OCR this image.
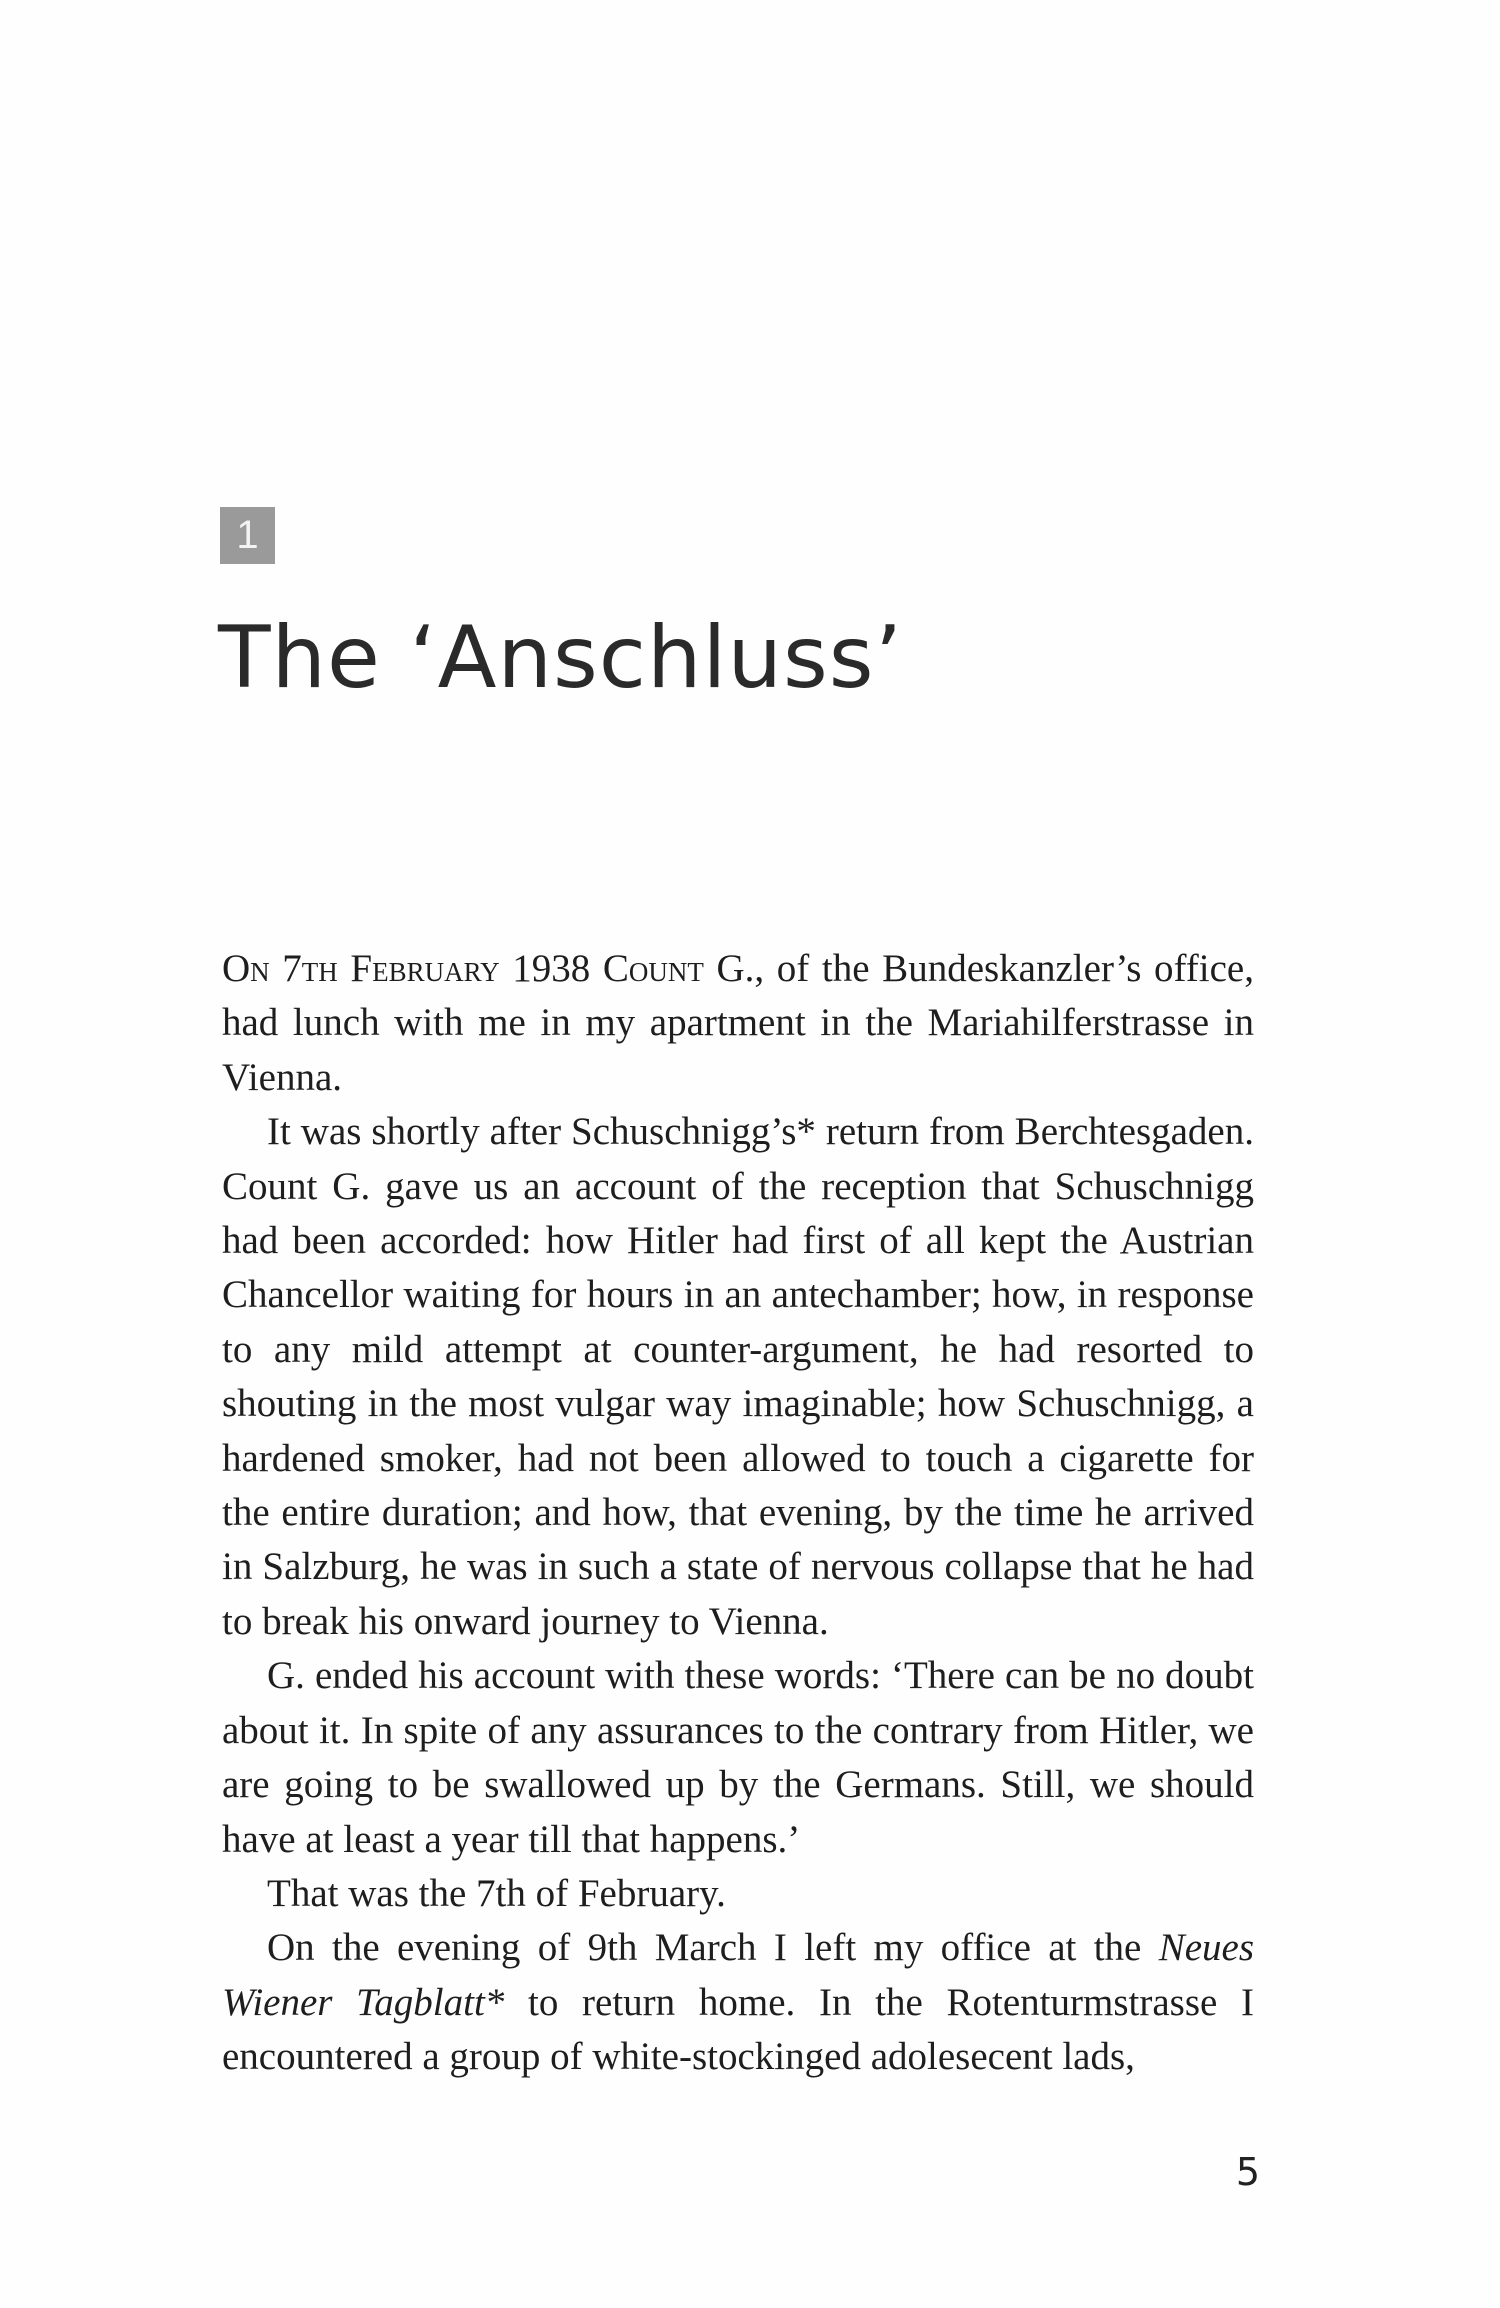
1
The ‘Anschluss’

On 7th February 1938 Count G., of the Bundeskanzler’s office, had lunch with me in my apartment in the Mariahilferstrasse in Vienna.

It was shortly after Schuschnigg’s* return from Berchtesgaden. Count G. gave us an account of the reception that Schuschnigg had been accorded: how Hitler had first of all kept the Austrian Chancellor waiting for hours in an antechamber; how, in response to any mild attempt at counter-argument, he had resorted to shouting in the most vulgar way imaginable; how Schuschnigg, a hardened smoker, had not been allowed to touch a cigarette for the entire duration; and how, that evening, by the time he arrived in Salzburg, he was in such a state of nervous collapse that he had to break his onward journey to Vienna.

G. ended his account with these words: ‘There can be no doubt about it. In spite of any assurances to the contrary from Hitler, we are going to be swallowed up by the Germans. Still, we should have at least a year till that happens.’

That was the 7th of February.

On the evening of 9th March I left my office at the Neues Wiener Tagblatt* to return home. In the Rotenturmstrasse I encountered a group of white-stockinged adolesecent lads,

5
